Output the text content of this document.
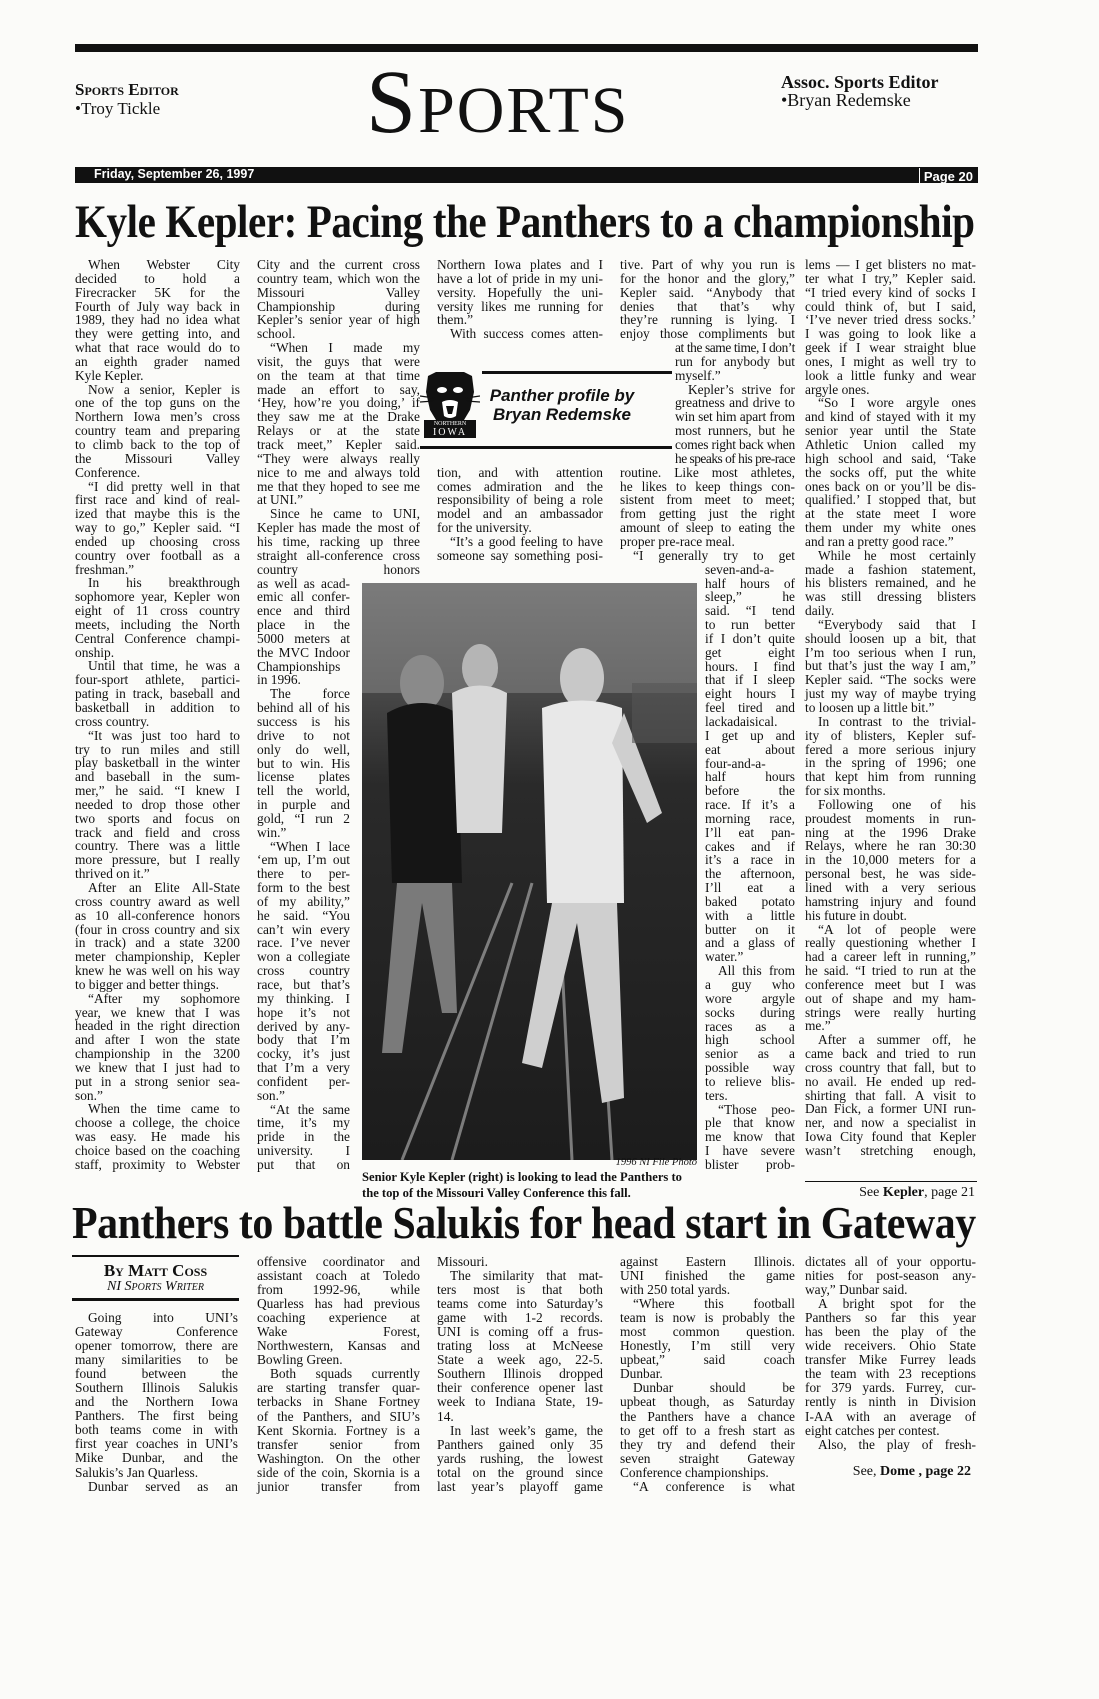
Sports Editor
•Troy Tickle SPORTS	Assoc. Sports Editor
•Bryan Redemske
Friday, September 26, 1997	Page 20
Kyle Kepler: Pacing the Panthers to a championship
When Webster City
decided to hold a
Firecracker 5K for the
Fourth of July way back in
1989, they had no idea what
they were getting into, and
what that race would do to
an eighth grader named
Kyle Kepler.
Now a senior, Kepler is
one of the top guns on the
Northern Iowa men’s cross
country team and preparing
to climb back to the top of
the Missouri Valley
Conference.
“I did pretty well in that
first race and kind of real-
ized that maybe this is the
way to go,” Kepler said. “I
ended up choosing cross
country over football as a
freshman.”
In his breakthrough
sophomore year, Kepler won
eight of 11 cross country
meets, including the North
Central Conference champi-
onship.
Until that time, he was a
four-sport athlete, partici-
pating in track, baseball and
basketball in addition to
cross country.
“It was just too hard to
try to run miles and still
play basketball in the winter
and baseball in the sum-
mer,” he said. “I knew I
needed to drop those other
two sports and focus on
track and field and cross
country. There was a little
more pressure, but I really
thrived on it.”
After an Elite All-State
cross country award as well
as 10 all-conference honors
(four in cross country and six
in track) and a state 3200
meter championship, Kepler
knew he was well on his way
to bigger and better things.
“After my sophomore
year, we knew that I was
headed in the right direction
and after I won the state
championship in the 3200
we knew that I just had to
put in a strong senior sea-
son.”
When the time came to
choose a college, the choice
was easy. He made his
choice based on the coaching
staff, proximity to Webster
City and the current cross
country team, which won the
Missouri Valley
Championship during
Kepler’s senior year of high
school.
“When I made my
visit, the guys that were
on the team at that time
made an effort to say,
‘Hey, how’re you doing,’ if
they saw me at the Drake
Relays or at the state
track meet,” Kepler said.
“They were always really
nice to me and always told
me that they hoped to see me
at UNI.”
Since he came to UNI,
Kepler has made the most of
his time, racking up three
straight all-conference cross
country honors
as well as acad-
emic all confer-
ence and third
place in the
5000 meters at
the MVC Indoor
Championships
in 1996.
The force
behind all of his
success is his
drive to not
only do well,
but to win. His
license plates
tell the world,
in purple and
gold, “I run 2
win.”
“When I lace
‘em up, I’m out
there to per-
form to the best
of my ability,”
he said. “You
can’t win every
race. I’ve never
won a collegiate
cross country
race, but that’s
my thinking. I
hope it’s not
derived by any-
body that I’m
cocky, it’s just
that I’m a very
confident per-
son.”
“At the same
time, it’s my
pride in the
university. I
put that on
Northern Iowa plates and I
have a lot of pride in my uni-
versity. Hopefully the uni-
versity likes me running for
them.”
With success comes atten-
tion, and with attention
comes admiration and the
responsibility of being a role
model and an ambassador
for the university.
“It’s a good feeling to have
someone say something posi-
tive. Part of why you run is
for the honor and the glory,”
Kepler said. “Anybody that
denies that that’s why
they’re running is lying. I
enjoy those compliments but
at the same time, I don’t
run for anybody but
myself.”
Kepler’s strive for
greatness and drive to
win set him apart from
most runners, but he
comes right back when
he speaks of his pre-race
routine. Like most athletes,
he likes to keep things con-
sistent from meet to meet;
from getting just the right
amount of sleep to eating the
proper pre-race meal.
“I generally try to get
seven-and-a-
half hours of
sleep,” he
said. “I tend
to run better
if I don’t quite
get eight
hours. I find
that if I sleep
eight hours I
feel tired and
lackadaisical.
I get up and
eat about
four-and-a-
half hours
before the
race. If it’s a
morning race,
I’ll eat pan-
cakes and if
it’s a race in
the afternoon,
I’ll eat a
baked potato
with a little
butter on it
and a glass of
water.”
All this from
a guy who
wore argyle
socks during
races as a
high school
senior as a
possible way
to relieve blis-
ters.
“Those peo-
ple that know
me know that
I have severe
blister prob-
lems — I get blisters no mat-
ter what I try,” Kepler said.
“I tried every kind of socks I
could think of, but I said,
‘I’ve never tried dress socks.’
I was going to look like a
geek if I wear straight blue
ones, I might as well try to
look a little funky and wear
argyle ones.
“So I wore argyle ones
and kind of stayed with it my
senior year until the State
Athletic Union called my
high school and said, ‘Take
the socks off, put the white
ones back on or you’ll be dis-
qualified.’ I stopped that, but
at the state meet I wore
them under my white ones
and ran a pretty good race.”
While he most certainly
made a fashion statement,
his blisters remained, and he
was still dressing blisters
daily.
“Everybody said that I
should loosen up a bit, that
I’m too serious when I run,
but that’s just the way I am,”
Kepler said. “The socks were
just my way of maybe trying
to loosen up a little bit.”
In contrast to the trivial-
ity of blisters, Kepler suf-
fered a more serious injury
in the spring of 1996; one
that kept him from running
for six months.
Following one of his
proudest moments in run-
ning at the 1996 Drake
Relays, where he ran 30:30
in the 10,000 meters for a
personal best, he was side-
lined with a very serious
hamstring injury and found
his future in doubt.
“A lot of people were
really questioning whether I
had a career left in running,”
he said. “I tried to run at the
conference meet but I was
out of shape and my ham-
strings were really hurting
me.”
After a summer off, he
came back and tried to run
cross country that fall, but to
no avail. He ended up red-
shirting that fall. A visit to
Dan Fick, a former UNI run-
ner, and now a specialist in
Iowa City found that Kepler
wasn’t stretching enough,
NORTHERN
IOWA
Panther profile by
Bryan Redemske
1996 NI File Photo
Senior Kyle Kepler (right) is looking to lead the Panthers to
the top of the Missouri Valley Conference this fall.	See Kepler, page 21
Panthers to battle Salukis for head start in Gateway
By Matt Coss
NI Sports Writer
Going into UNI’s
Gateway Conference
opener tomorrow, there are
many similarities to be
found between the
Southern Illinois Salukis
and the Northern Iowa
Panthers. The first being
both teams come in with
first year coaches in UNI’s
Mike Dunbar, and the
Salukis’s Jan Quarless.
Dunbar served as an
offensive coordinator and
assistant coach at Toledo
from 1992-96, while
Quarless has had previous
coaching experience at
Wake Forest,
Northwestern, Kansas and
Bowling Green.
Both squads currently
are starting transfer quar-
terbacks in Shane Fortney
of the Panthers, and SIU’s
Kent Skornia. Fortney is a
transfer senior from
Washington. On the other
side of the coin, Skornia is a
junior transfer from
Missouri.
The similarity that mat-
ters most is that both
teams come into Saturday’s
game with 1-2 records.
UNI is coming off a frus-
trating loss at McNeese
State a week ago, 22-5.
Southern Illinois dropped
their conference opener last
week to Indiana State, 19-
14.
In last week’s game, the
Panthers gained only 35
yards rushing, the lowest
total on the ground since
last year’s playoff game
against Eastern Illinois.
UNI finished the game
with 250 total yards.
“Where this football
team is now is probably the
most common question.
Honestly, I’m still very
upbeat,” said coach
Dunbar.
Dunbar should be
upbeat though, as Saturday
the Panthers have a chance
to get off to a fresh start as
they try and defend their
seven straight Gateway
Conference championships.
“A conference is what
dictates all of your opportu-
nities for post-season any-
way,” Dunbar said.
A bright spot for the
Panthers so far this year
has been the play of the
wide receivers. Ohio State
transfer Mike Furrey leads
the team with 23 receptions
for 379 yards. Furrey, cur-
rently is ninth in Division
I-AA with an average of
eight catches per contest.
Also, the play of fresh-
See, Dome , page 22
